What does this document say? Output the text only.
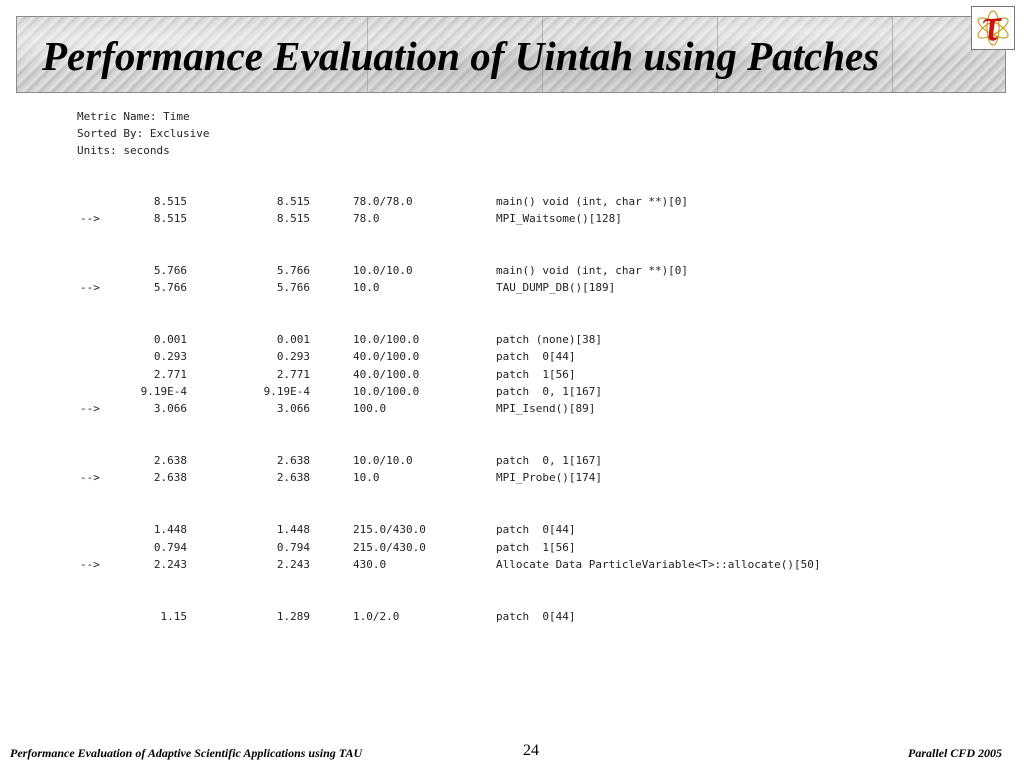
Performance Evaluation of Uintah using Patches
Metric Name: Time
Sorted By: Exclusive
Units: seconds
8.515	8.515	78.0/78.0	main() void (int, char **)[0]
-->	8.515	8.515	78.0	MPI_Waitsome()[128]
5.766	5.766	10.0/10.0	main() void (int, char **)[0]
-->	5.766	5.766	10.0	TAU_DUMP_DB()[189]
0.001	0.001	10.0/100.0	patch (none)[38]
0.293	0.293	40.0/100.0	patch  0[44]
2.771	2.771	40.0/100.0	patch  1[56]
9.19E-4	9.19E-4	10.0/100.0	patch  0, 1[167]
-->	3.066	3.066	100.0	MPI_Isend()[89]
2.638	2.638	10.0/10.0	patch  0, 1[167]
-->	2.638	2.638	10.0	MPI_Probe()[174]
1.448	1.448	215.0/430.0	patch  0[44]
0.794	0.794	215.0/430.0	patch  1[56]
-->	2.243	2.243	430.0	Allocate Data ParticleVariable<T>::allocate()[50]
1.15	1.289	1.0/2.0	patch  0[44]
Performance Evaluation of Adaptive Scientific Applications using TAU	24	Parallel CFD 2005
